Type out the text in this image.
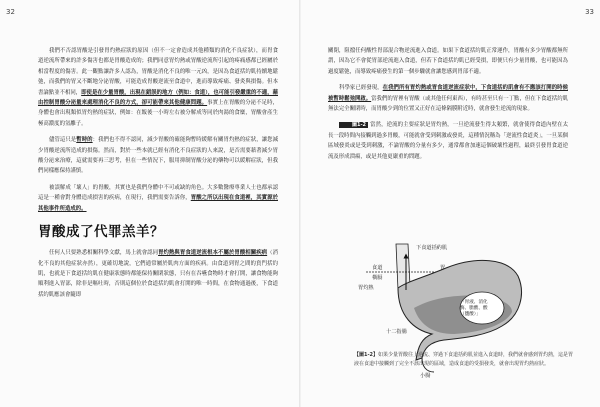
32	33

我們不否認胃酸是引發胃灼熱症狀的原因（但不一定會造成其他種類的消化不良症狀），而胃食道逆流所帶來的許多傷害也都是胃酸造成的；我們同意胃灼熱或胃酸逆流所引起的疼痛感都已經屬於相當程度的傷害。此一觀點讓許多人認為，胃酸是消化不良的唯一元凶，是因為食道括約肌持續地鬆弛，而我們的胃又不斷地分泌胃酸，可能造成胃酸逆流至食道中，進而導致疼痛、發炎與損傷。但本書論點並不相同，即使是在少量胃酸，出現在錯誤的地方（例如：食道），也可能引發嚴重的不適，藉由控制胃酸分泌量來處理消化不良的方式，卻可能帶來其他健康問題。事實上在胃酸的分泌不足時，身體也會出現類似胃灼熱的症狀，例如：在飯後一小時左右被分解成等同於肉湯的食糜，胃酸會產生極高濃度的氫離子。

儘管這只是暫時的：我們也不得不認同，減少胃酸的確能夠暫時緩解有關胃灼熱的症狀，讓您減少胃酸逆流所造成的損傷。然而，對於一些本就已經有消化不良症狀的人來說，是否需要藉著減少胃酸分泌來治療，這就需要再三思考，但在一些情況下，服用抑制胃酸分泌的藥物可以緩解症狀，但我們同樣應保持謹慎。

被誤解成「壞人」的胃酸，其實也是我們身體中不可或缺的角色。大多數醫療專業人士也都承認這是一種會對身體造成損害的疾病，在現行，我們需要告訴你，胃酸之所以出現在食道裡，其實源於其他事件所造成的。

胃酸成了代罪羔羊？

任何人只要熟悉相關科學文獻，馬上就會認同胃灼熱與胃食道逆流根本不屬於胃酸相關疾病（消化不良的其他症狀亦然），更確切地說，它們通常屬於肌肉方面的疾病。由食道到胃之間的賁門括約肌，也就是下食道括約肌在健康狀態時都能保持關閉狀態，只有在吞嚥食物時才會打開，讓食物能夠順利進入胃部，除非是嘔吐時，否則這個位於食道括約肌會打開的唯一時間，在食物通過後，下食道括約肌應該會隨即

關閉，阻擋任何酸性胃部混合物逆流進入食道。如果下食道括約肌正常運作，胃酸有多少胃酸都無所謂，因為它不會從胃部逆流進入食道，但若下食道括約肌已經受損，即便只有少量胃酸，也可能因為過度鬆弛，而導致疼痛發生的第一個步驟就會讓您感到胃部不適。

科學家已經發現，在我們所有胃灼熱或胃食道逆流症狀中，下食道括約肌會有不應該打開的時候被暫時鬆弛開啟。當我們的胃裡有胃酸（或其他任何東西），有時甚至只有一丁點，但在下食道括約肌無法完全關閉時，而胃酸少到的位置又正好在這條隔膜附近時，就會發生逆流的現象。

圖1-2 當然，逆流的主要症狀是胃灼熱，一旦逆流發生得太頻繁，就會使得食道內壁在太長一段時間內接觸到過多胃酸，可能就會受到刺激或發炎，這種情況稱為「逆流性食道炎」，一旦某個區域發炎或是受到刺激，不論胃酸的分量有多少，通常都會加速這個破壞性過程，最終引發胃食道逆流及形成潰瘍，或是其他更嚴重的問題。

下食道括約肌
食道
橫膈
胃灼熱
胃
「胃液、消化酶、膽酸、酸（鹽酸）」
十二指腸
小腸
【圖1-2】如果少量胃酸往上逆流、穿過下食道括約肌並進入食道時，我們就會感到胃灼熱，這是胃液在食道中接觸到了完全不該出現的區域，造成食道的受損發炎，就會出現胃灼熱症狀。
